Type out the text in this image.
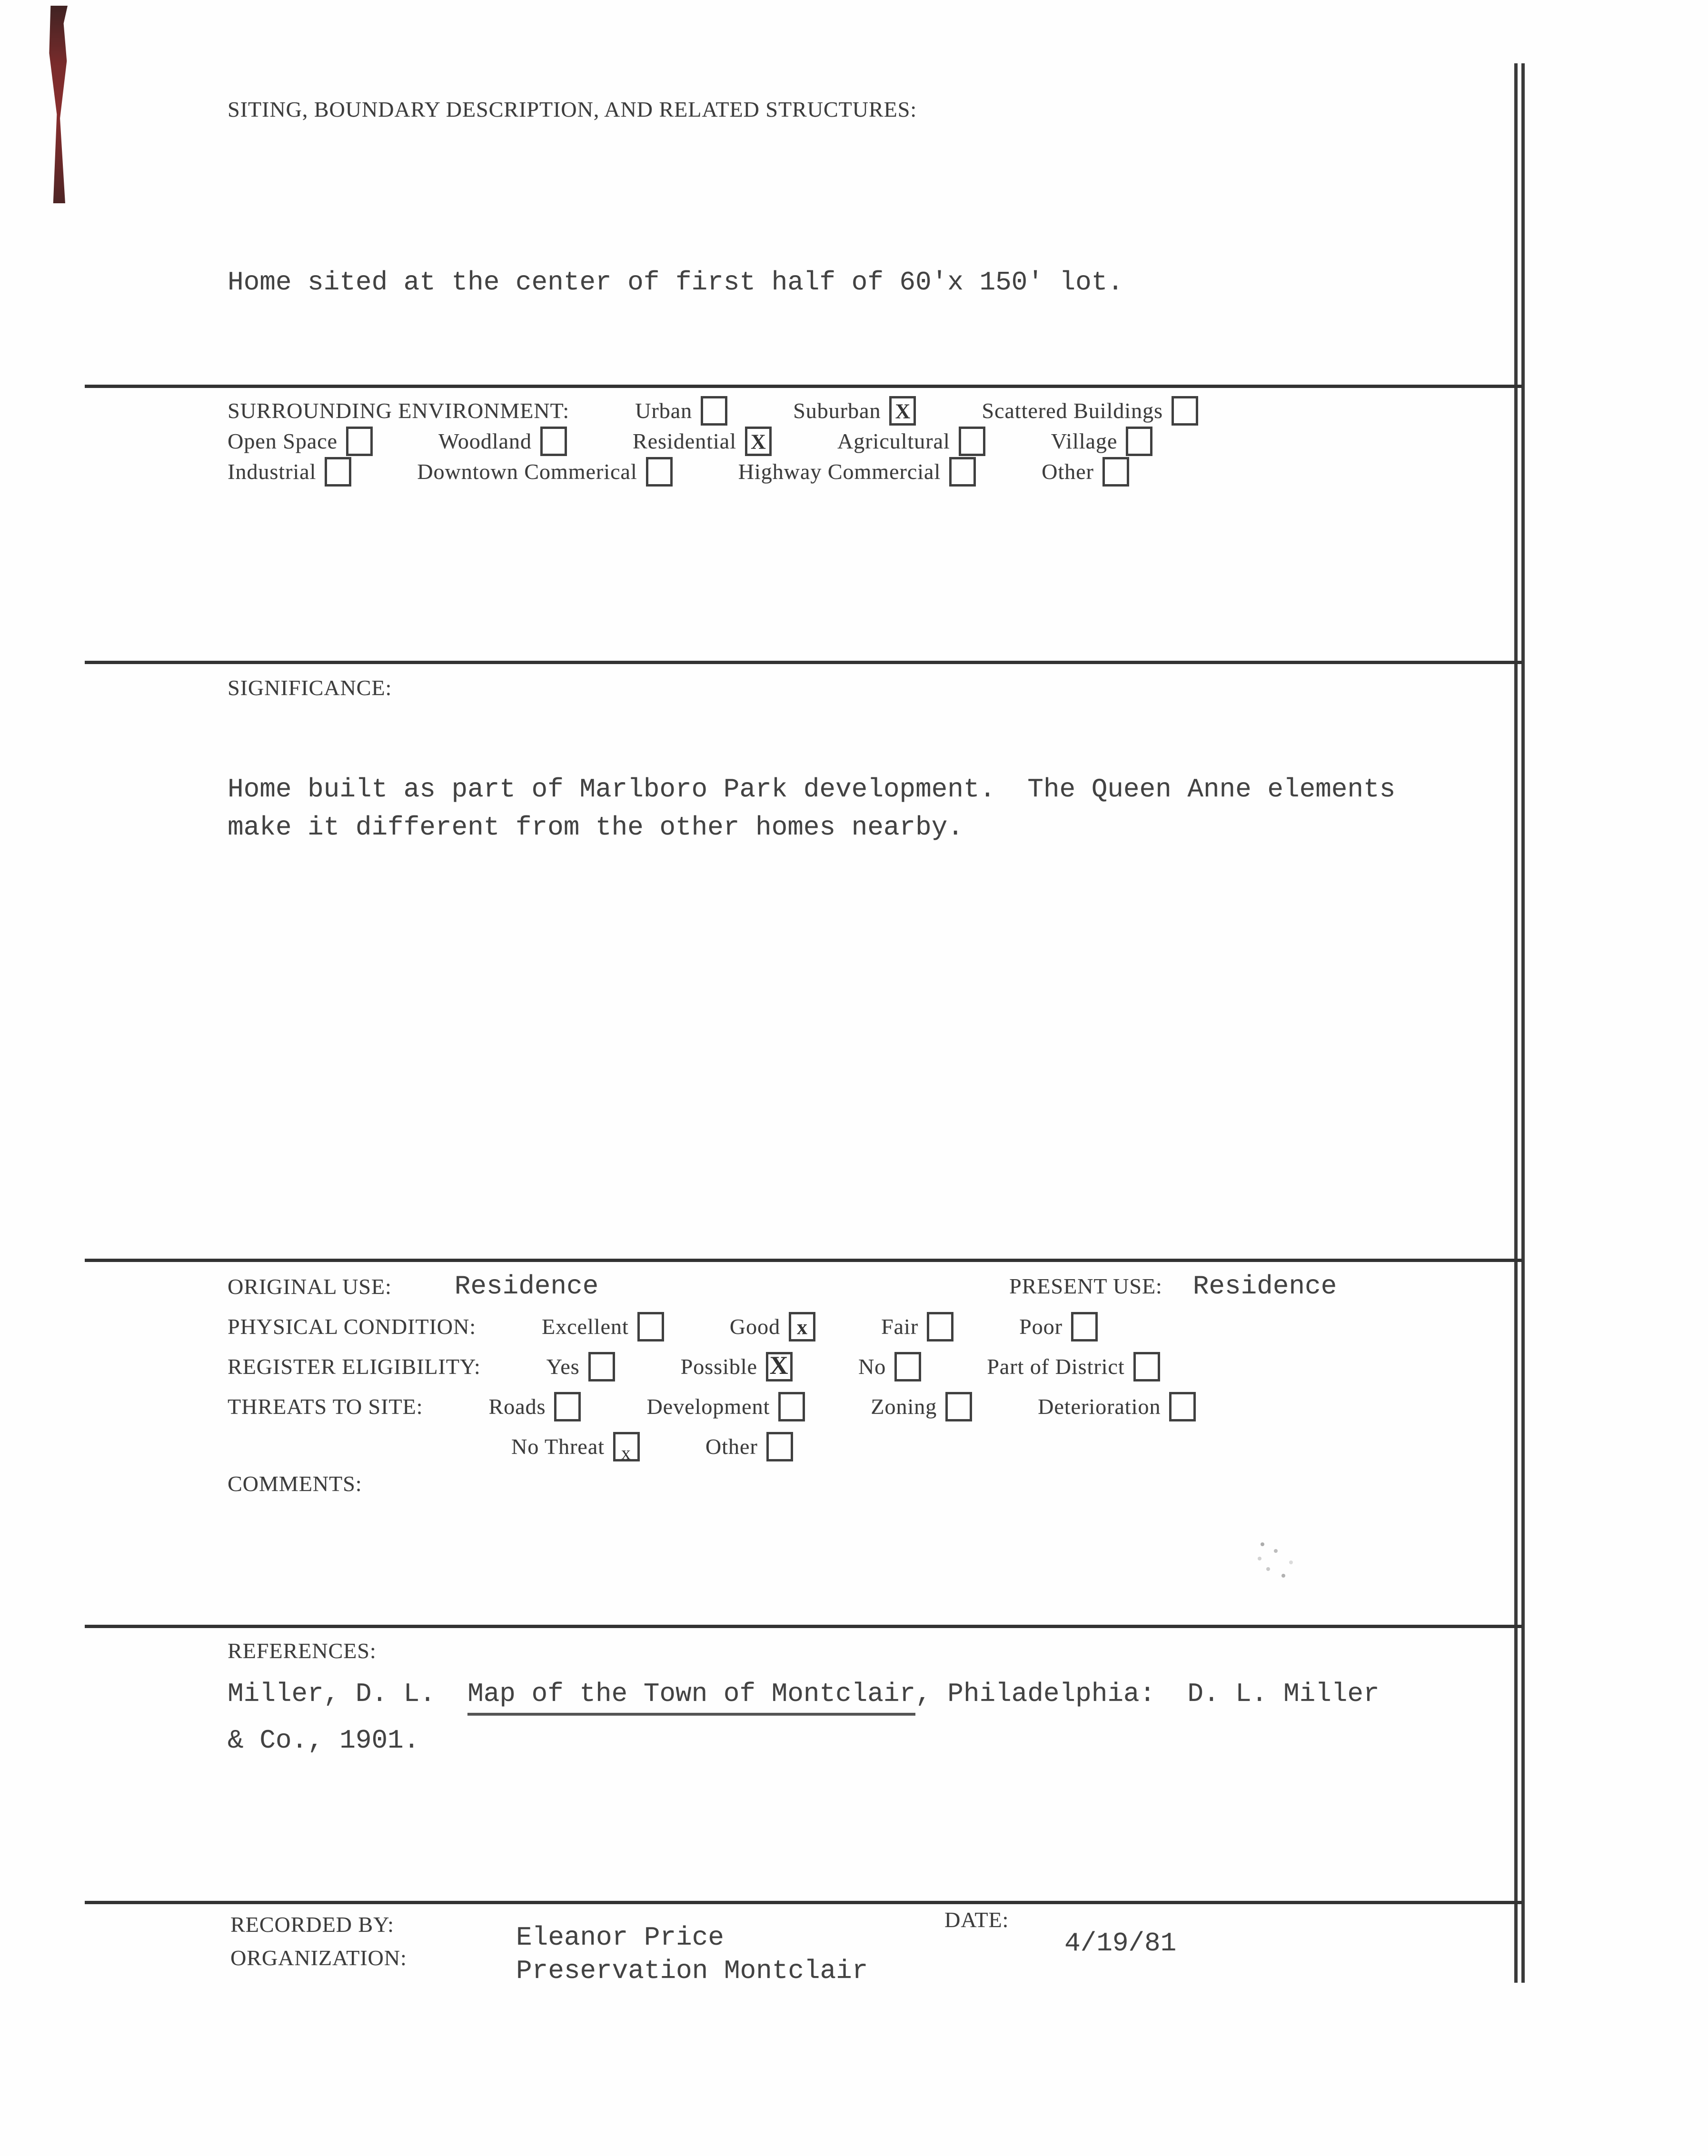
SITING, BOUNDARY DESCRIPTION, AND RELATED STRUCTURES:
Home sited at the center of first half of 60'x 150' lot.
SURROUNDING ENVIRONMENT:	Urban	Suburban X	Scattered Buildings
Open Space	Woodland	Residential X	Agricultural	Village
Industrial	Downtown Commerical	Highway Commercial	Other
SIGNIFICANCE:
Home built as part of Marlboro Park development.  The Queen Anne elements
make it different from the other homes nearby.
ORIGINAL USE:	Residence	PRESENT USE: Residence
PHYSICAL CONDITION:	Excellent	Good x	Fair	Poor
REGISTER ELIGIBILITY:	Yes	Possible X	No	Part of District
THREATS TO SITE:	Roads	Development	Zoning	Deterioration
No Threat x	Other
COMMENTS:
REFERENCES:
Miller, D. L.  Map of the Town of Montclair, Philadelphia:  D. L. Miller
& Co., 1901.
RECORDED BY:	Eleanor Price
ORGANIZATION:	Preservation Montclair
DATE:
4/19/81
